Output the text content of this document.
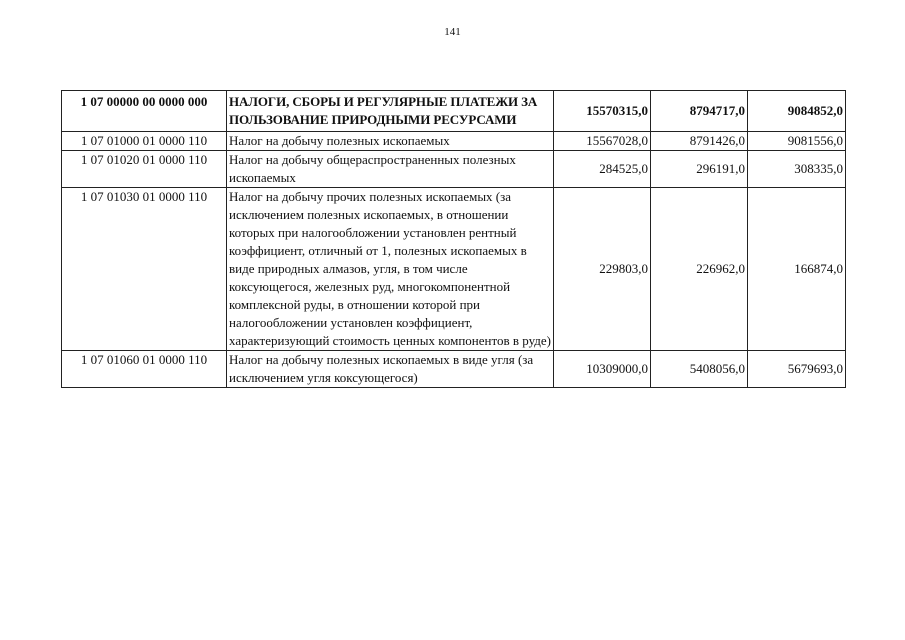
141
1 07 00000 00 0000 000	НАЛОГИ, СБОРЫ И РЕГУЛЯРНЫЕ ПЛАТЕЖИ ЗА ПОЛЬЗОВАНИЕ ПРИРОДНЫМИ РЕСУРСАМИ	15570315,0	8794717,0	9084852,0
1 07 01000 01 0000 110	Налог на добычу полезных ископаемых	15567028,0	8791426,0	9081556,0
1 07 01020 01 0000 110	Налог на добычу общераспространенных полезных ископаемых	284525,0	296191,0	308335,0
1 07 01030 01 0000 110	Налог на добычу прочих полезных ископаемых (за исключением полезных ископаемых, в отношении которых при налогообложении установлен рентный коэффициент, отличный от 1, полезных ископаемых в виде природных алмазов, угля, в том числе коксующегося, железных руд, многокомпонентной комплексной руды, в отношении которой при налогообложении установлен коэффициент, характеризующий стоимость ценных компонентов в руде)	229803,0	226962,0	166874,0
1 07 01060 01 0000 110	Налог на добычу полезных ископаемых в виде угля (за исключением угля коксующегося)	10309000,0	5408056,0	5679693,0
